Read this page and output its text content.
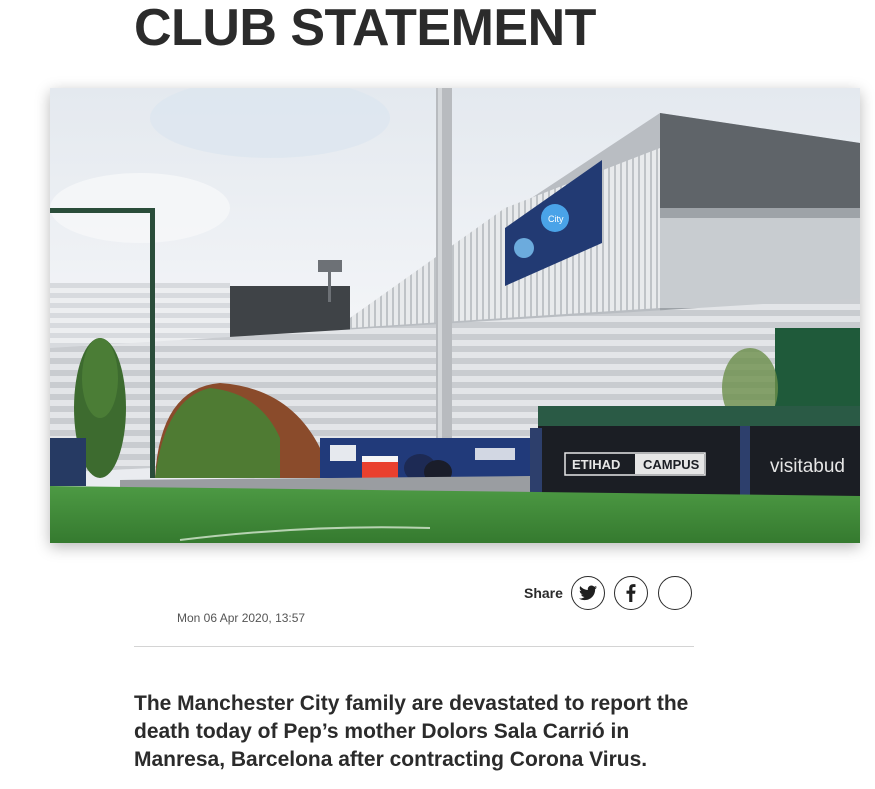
CLUB STATEMENT
City
ETIHAD CAMPUS	visitabud
Share
Mon 06 Apr 2020, 13:57

The Manchester City family are devastated to report the death today of Pep’s mother Dolors Sala Carrió in Manresa, Barcelona after contracting Corona Virus.
